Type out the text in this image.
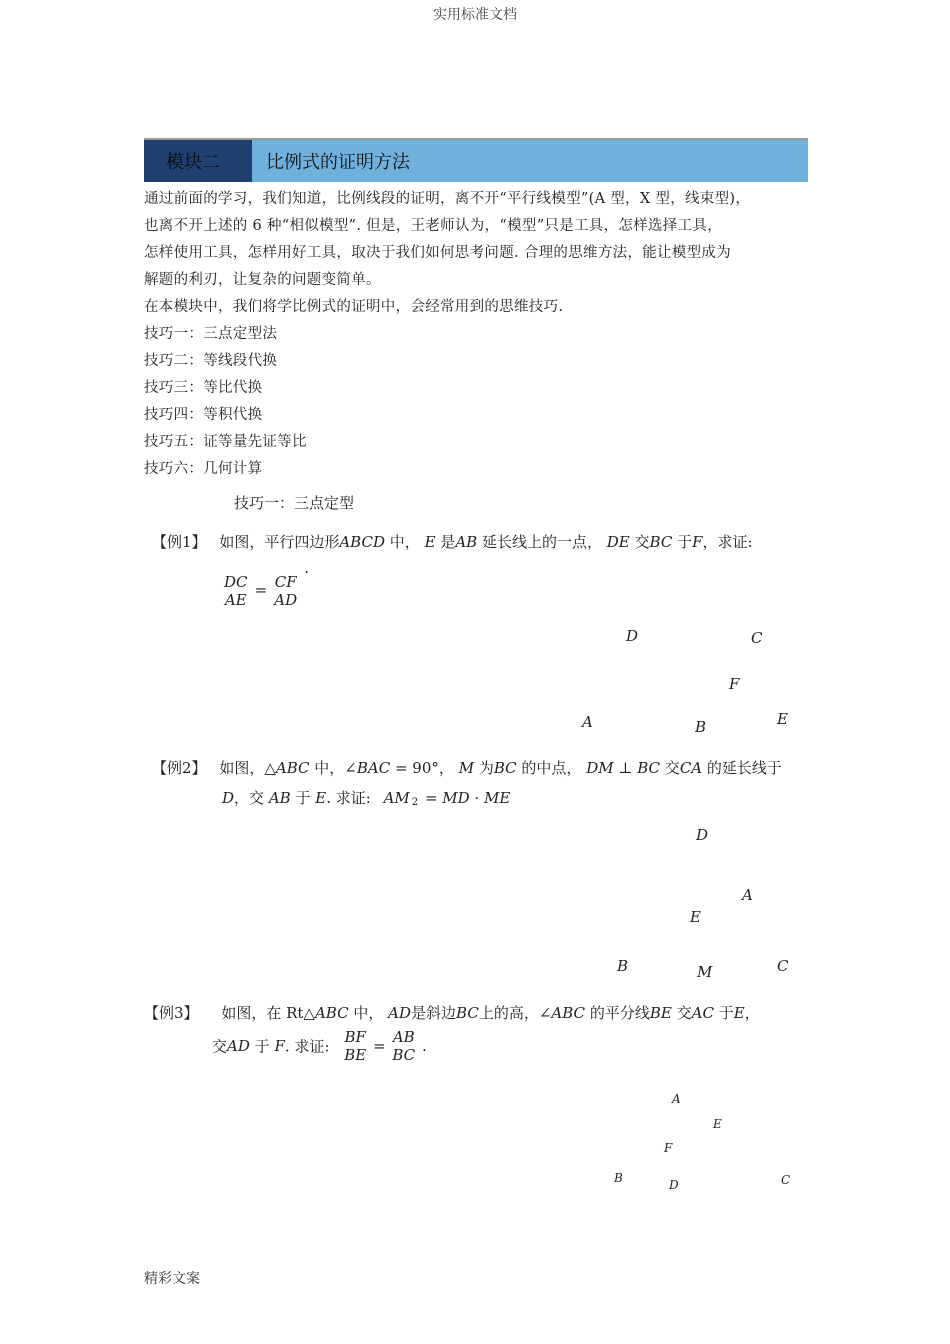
实用标准文档
精彩文案
模块二	比例式的证明方法

通过前面的学习，我们知道，比例线段的证明，离不开“平行线模型”(A 型，X 型，线束型)，

也离不开上述的 6 种“相似模型”. 但是，王老师认为，“模型”只是工具，怎样选择工具，

怎样使用工具，怎样用好工具，取决于我们如何思考问题. 合理的思维方法，能让模型成为

解题的利刃，让复杂的问题变简单。

在本模块中，我们将学比例式的证明中，会经常用到的思维技巧.

技巧一：三点定型法

技巧二：等线段代换

技巧三：等比代换

技巧四：等积代换

技巧五：证等量先证等比

技巧六：几何计算

技巧一：三点定型
【例1】 如图，平行四边形ABCD 中， E 是AB 延长线上的一点， DE 交BC 于F，求证:
DC
AE
= CF
AD
·
D	C
F
A	B	E
【例2】 如图，△ABC 中，∠BAC = 90°， M 为BC 的中点， DM ⊥ BC 交CA 的延长线于
D，交 AB 于 E. 求证: AM 2 = MD · ME
D
A
E
B	M	C
【例3】 如图，在 Rt△ABC 中， AD是斜边BC上的高，∠ABC 的平分线BE 交AC 于E，
交AD 于 F. 求证:
BF
BE = AB
BC .
A
E
F
B	D	C
